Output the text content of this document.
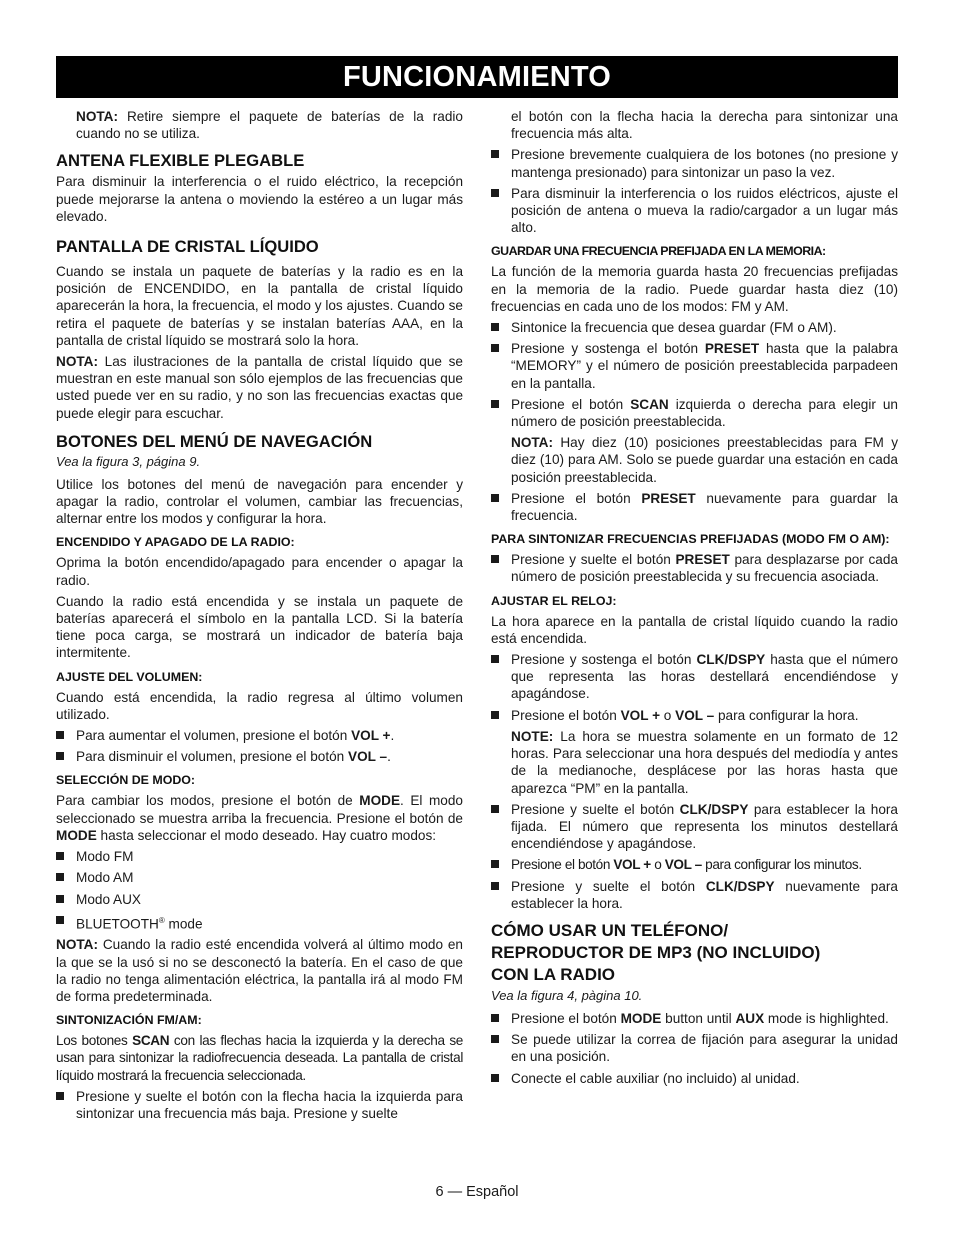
FUNCIONAMIENTO

NOTA: Retire siempre el paquete de baterías de la radio cuando no se utiliza.

ANTENA FLEXIBLE PLEGABLE

Para disminuir la interferencia o el ruido eléctrico, la recepción puede mejorarse la antena o moviendo la estéreo a un lugar más elevado.

PANTALLA DE CRISTAL LÍQUIDO

Cuando se instala un paquete de baterías y la radio es en la posición de ENCENDIDO, en la pantalla de cristal líquido aparecerán la hora, la frecuencia, el modo y los ajustes. Cuando se retira el paquete de baterías y se instalan baterías AAA, en la pantalla de cristal líquido se mostrará solo la hora.

NOTA: Las ilustraciones de la pantalla de cristal líquido que se muestran en este manual son sólo ejemplos de las frecuencias que usted puede ver en su radio, y no son las frecuencias exactas que puede elegir para escuchar.

BOTONES DEL MENÚ DE NAVEGACIÓN
Vea la figura 3, página 9.

Utilice los botones del menú de navegación para encender y apagar la radio, controlar el volumen, cambiar las frecuencias, alternar entre los modos y configurar la hora.

ENCENDIDO Y APAGADO DE LA RADIO:

Oprima la botón encendido/apagado para encender o apagar la radio.

Cuando la radio está encendida y se instala un paquete de baterías aparecerá el símbolo en la pantalla LCD. Si la batería tiene poca carga, se mostrará un indicador de batería baja intermitente.

AJUSTE DEL VOLUMEN:

Cuando está encendida, la radio regresa al último volumen utilizado.

Para aumentar el volumen, presione el botón VOL +.
Para disminuir el volumen, presione el botón VOL –.
SELECCIÓN DE MODO:

Para cambiar los modos, presione el botón de MODE. El modo seleccionado se muestra arriba la frecuencia. Presione el botón de MODE hasta seleccionar el modo deseado. Hay cuatro modos:

Modo FM
Modo AM
Modo AUX
BLUETOOTH® mode

NOTA: Cuando la radio esté encendida volverá al último modo en la que se la usó si no se desconectó la batería. En el caso de que la radio no tenga alimentación eléctrica, la pantalla irá al modo FM de forma predeterminada.

SINTONIZACIÓN FM/AM:

Los botones SCAN con las flechas hacia la izquierda y la derecha se usan para sintonizar la radiofrecuencia deseada. La pantalla de cristal líquido mostrará la frecuencia seleccionada.

Presione y suelte el botón con la flecha hacia la izquierda para sintonizar una frecuencia más baja. Presione y suelte

el botón con la flecha hacia la derecha para sintonizar una frecuencia más alta.

Presione brevemente cualquiera de los botones (no presione y mantenga presionado) para sintonizar un paso la vez.
Para disminuir la interferencia o los ruidos eléctricos, ajuste el posición de antena o mueva la radio/cargador a un lugar más alto.
GUARDAR UNA FRECUENCIA PREFIJADA EN LA MEMORIA:

La función de la memoria guarda hasta 20 frecuencias prefijadas en la memoria de la radio. Puede guardar hasta diez (10) frecuencias en cada uno de los modos: FM y AM.

Sintonice la frecuencia que desea guardar (FM o AM).
Presione y sostenga el botón PRESET hasta que la palabra “MEMORY” y el número de posición preestablecida parpadeen en la pantalla.
Presione el botón SCAN izquierda o derecha para elegir un número de posición preestablecida.

NOTA: Hay diez (10) posiciones preestablecidas para FM y diez (10) para AM. Solo se puede guardar una estación en cada posición preestablecida.

Presione el botón PRESET nuevamente para guardar la frecuencia.
PARA SINTONIZAR FRECUENCIAS PREFIJADAS (MODO FM O AM):
Presione y suelte el botón PRESET para desplazarse por cada número de posición preestablecida y su frecuencia asociada.
AJUSTAR EL RELOJ:

La hora aparece en la pantalla de cristal líquido cuando la radio está encendida.

Presione y sostenga el botón CLK/DSPY hasta que el número que representa las horas destellará encendiéndose y apagándose.
Presione el botón VOL + o VOL – para configurar la hora.

NOTE: La hora se muestra solamente en un formato de 12 horas. Para seleccionar una hora después del mediodía y antes de la medianoche, desplácese por las horas hasta que aparezca “PM” en la pantalla.

Presione y suelte el botón CLK/DSPY para establecer la hora fijada. El número que representa los minutos destellará encendiéndose y apagándose.
Presione el botón VOL + o VOL – para configurar los minutos.
Presione y suelte el botón CLK/DSPY nuevamente para establecer la hora.
CÓMO USAR UN TELÉFONO/
REPRODUCTOR DE MP3 (NO INCLUIDO)
CON LA RADIO
Vea la figura 4, pàgina 10.
Presione el botón MODE button until AUX mode is highlighted.
Se puede utilizar la correa de fijación para asegurar la unidad en una posición.
Conecte el cable auxiliar (no incluido) al unidad.
6 — Español
